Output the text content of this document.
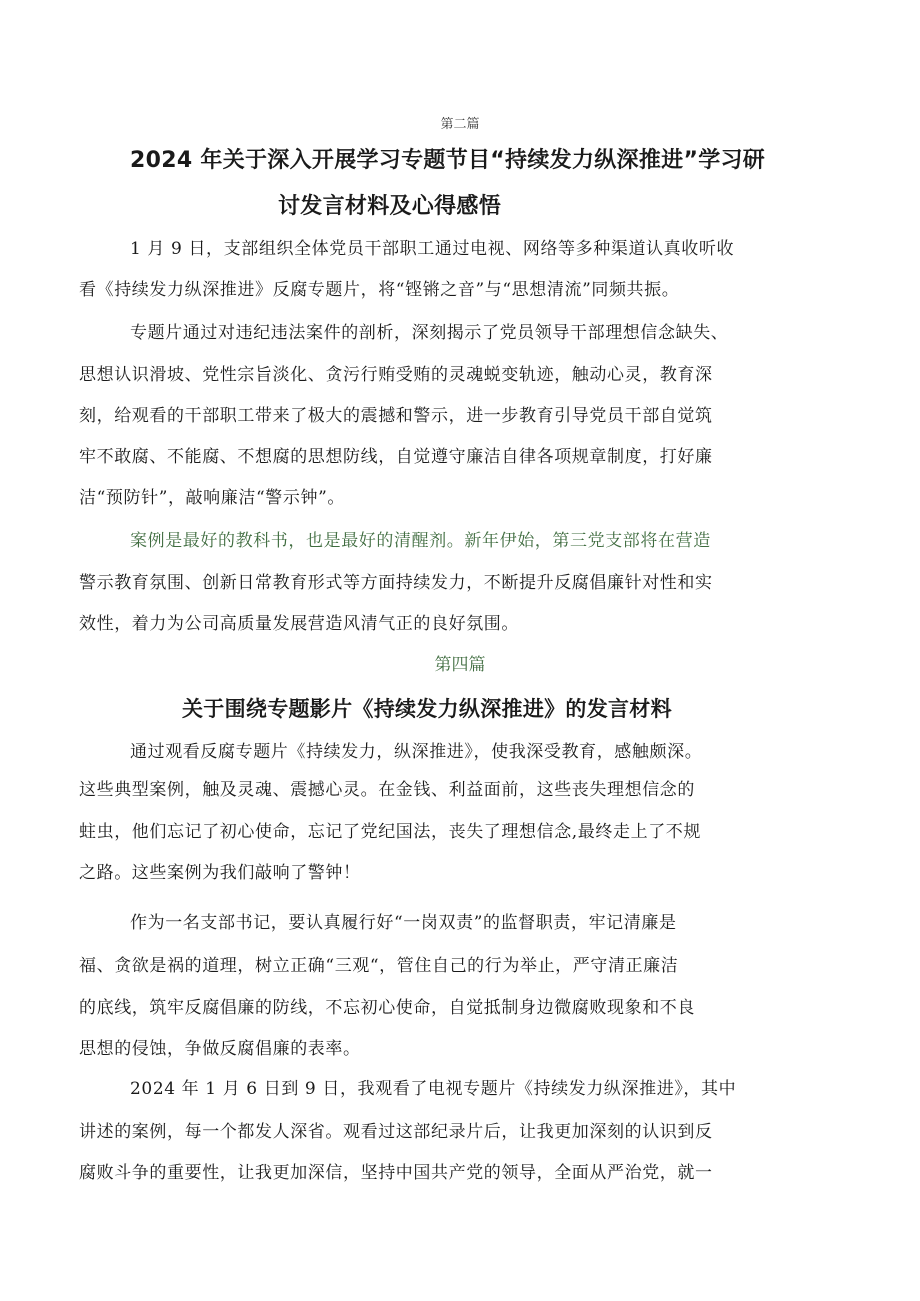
第二篇
2024 年关于深入开展学习专题节目“持续发力纵深推进”学习研
讨发言材料及心得感悟
1 月 9 日，支部组织全体党员干部职工通过电视、网络等多种渠道认真收听收
看《持续发力纵深推进》反腐专题片，将“铿锵之音”与“思想清流”同频共振。
专题片通过对违纪违法案件的剖析，深刻揭示了党员领导干部理想信念缺失、
思想认识滑坡、党性宗旨淡化、贪污行贿受贿的灵魂蜕变轨迹，触动心灵，教育深
刻，给观看的干部职工带来了极大的震撼和警示，进一步教育引导党员干部自觉筑
牢不敢腐、不能腐、不想腐的思想防线，自觉遵守廉洁自律各项规章制度，打好廉
洁“预防针”，敲响廉洁“警示钟”。
案例是最好的教科书，也是最好的清醒剂。新年伊始，第三党支部将在营造
警示教育氛围、创新日常教育形式等方面持续发力，不断提升反腐倡廉针对性和实
效性，着力为公司高质量发展营造风清气正的良好氛围。
第四篇
关于围绕专题影片《持续发力纵深推进》的发言材料
通过观看反腐专题片《持续发力，纵深推进》，使我深受教育，感触颇深。
这些典型案例，触及灵魂、震撼心灵。在金钱、利益面前，这些丧失理想信念的
蛀虫，他们忘记了初心使命，忘记了党纪国法，丧失了理想信念,最终走上了不规
之路。这些案例为我们敲响了警钟！
作为一名支部书记，要认真履行好“一岗双责”的监督职责，牢记清廉是
福、贪欲是祸的道理，树立正确“三观“，管住自己的行为举止，严守清正廉洁
的底线，筑牢反腐倡廉的防线，不忘初心使命，自觉抵制身边微腐败现象和不良
思想的侵蚀，争做反腐倡廉的表率。
2024 年 1 月 6 日到 9 日，我观看了电视专题片《持续发力纵深推进》，其中
讲述的案例，每一个都发人深省。观看过这部纪录片后，让我更加深刻的认识到反
腐败斗争的重要性，让我更加深信，坚持中国共产党的领导，全面从严治党，就一
